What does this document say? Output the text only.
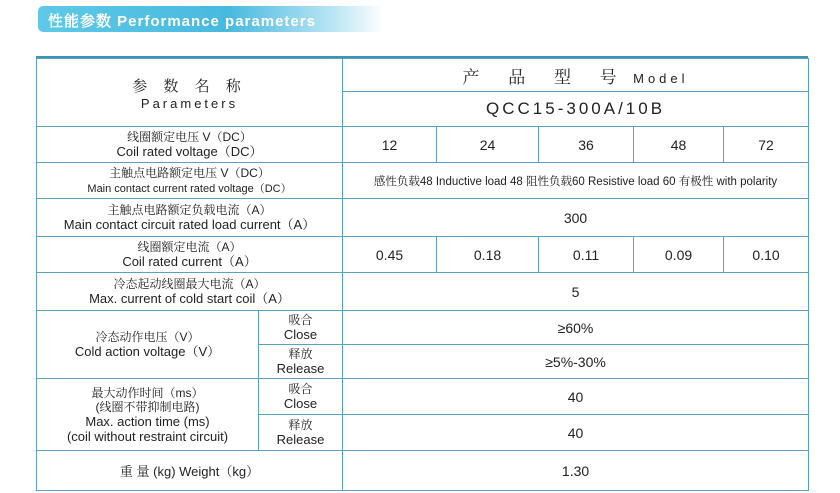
性能参数 Performance parameters
参 数 名 称
Parameters		产 品 型 号 Model				
		QCC15-300A/10B				

线圈额定电压 V（DC）
Coil rated voltage（DC）		12	24	36	48	72

主触点电路额定电压 V（DC）
Main contact current rated voltage（DC）		感性负载48 Inductive load 48 阻性负载60 Resistive load 60 有极性 with polarity				

主触点电路额定负载电流（A）
Main contact circuit rated load current（A）		300				

线圈额定电流（A）
Coil rated current（A）		0.45	0.18	0.11	0.09	0.10

冷态起动线圈最大电流（A）
Max. current of cold start coil（A）		5				

冷态动作电压（V）
Cold action voltage（V）	吸合
Close	≥60%				

	释放
Release	≥5%-30%				

最大动作时间（ms）
(线圈不带抑制电路)
Max. action time (ms)
(coil without restraint circuit)	吸合
Close	40				

	释放
Release	40				
重 量 (kg) Weight（kg）		1.30				
